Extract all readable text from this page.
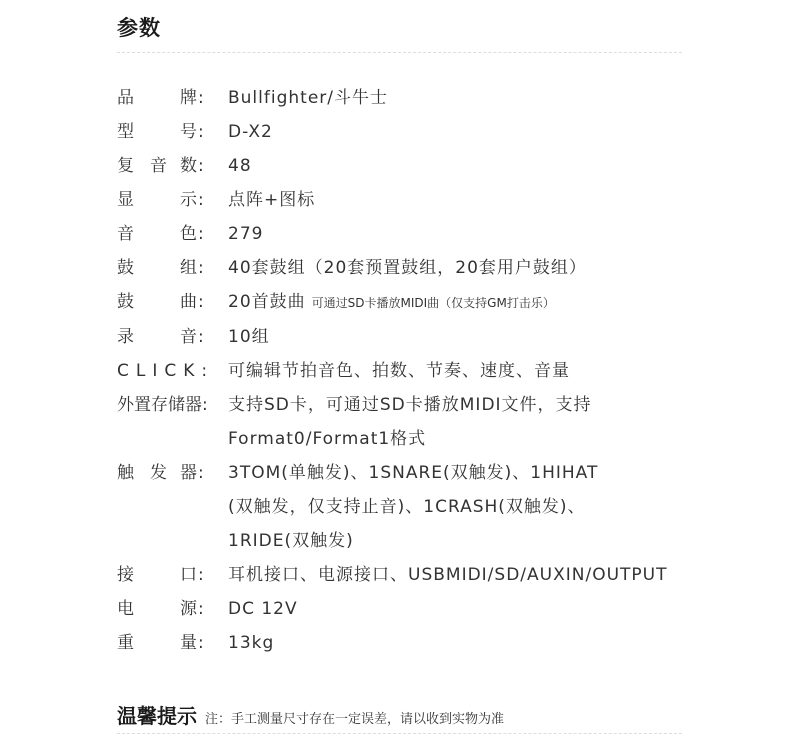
参数
品	牌: Bullfighter/斗牛士
型	号: D-X2
复 音 数: 48
显	示: 点阵+图标
音	色: 279
鼓	组: 40套鼓组（20套预置鼓组，20套用户鼓组）
鼓	曲: 20首鼓曲 可通过SD卡播放MIDI曲（仅支持GM打击乐）
录	音: 10组
CLICK: 可编辑节拍音色、拍数、节奏、速度、音量
外置存储器: 支持SD卡，可通过SD卡播放MIDI文件，支持
Format0/Format1格式
触 发 器: 3TOM(单触发)、1SNARE(双触发)、1HIHAT
(双触发，仅支持止音)、1CRASH(双触发)、
1RIDE(双触发)
接	口: 耳机接口、电源接口、USBMIDI/SD/AUXIN/OUTPUT
电	源: DC 12V
重	量: 13kg
温馨提示 注：手工测量尺寸存在一定误差，请以收到实物为准
